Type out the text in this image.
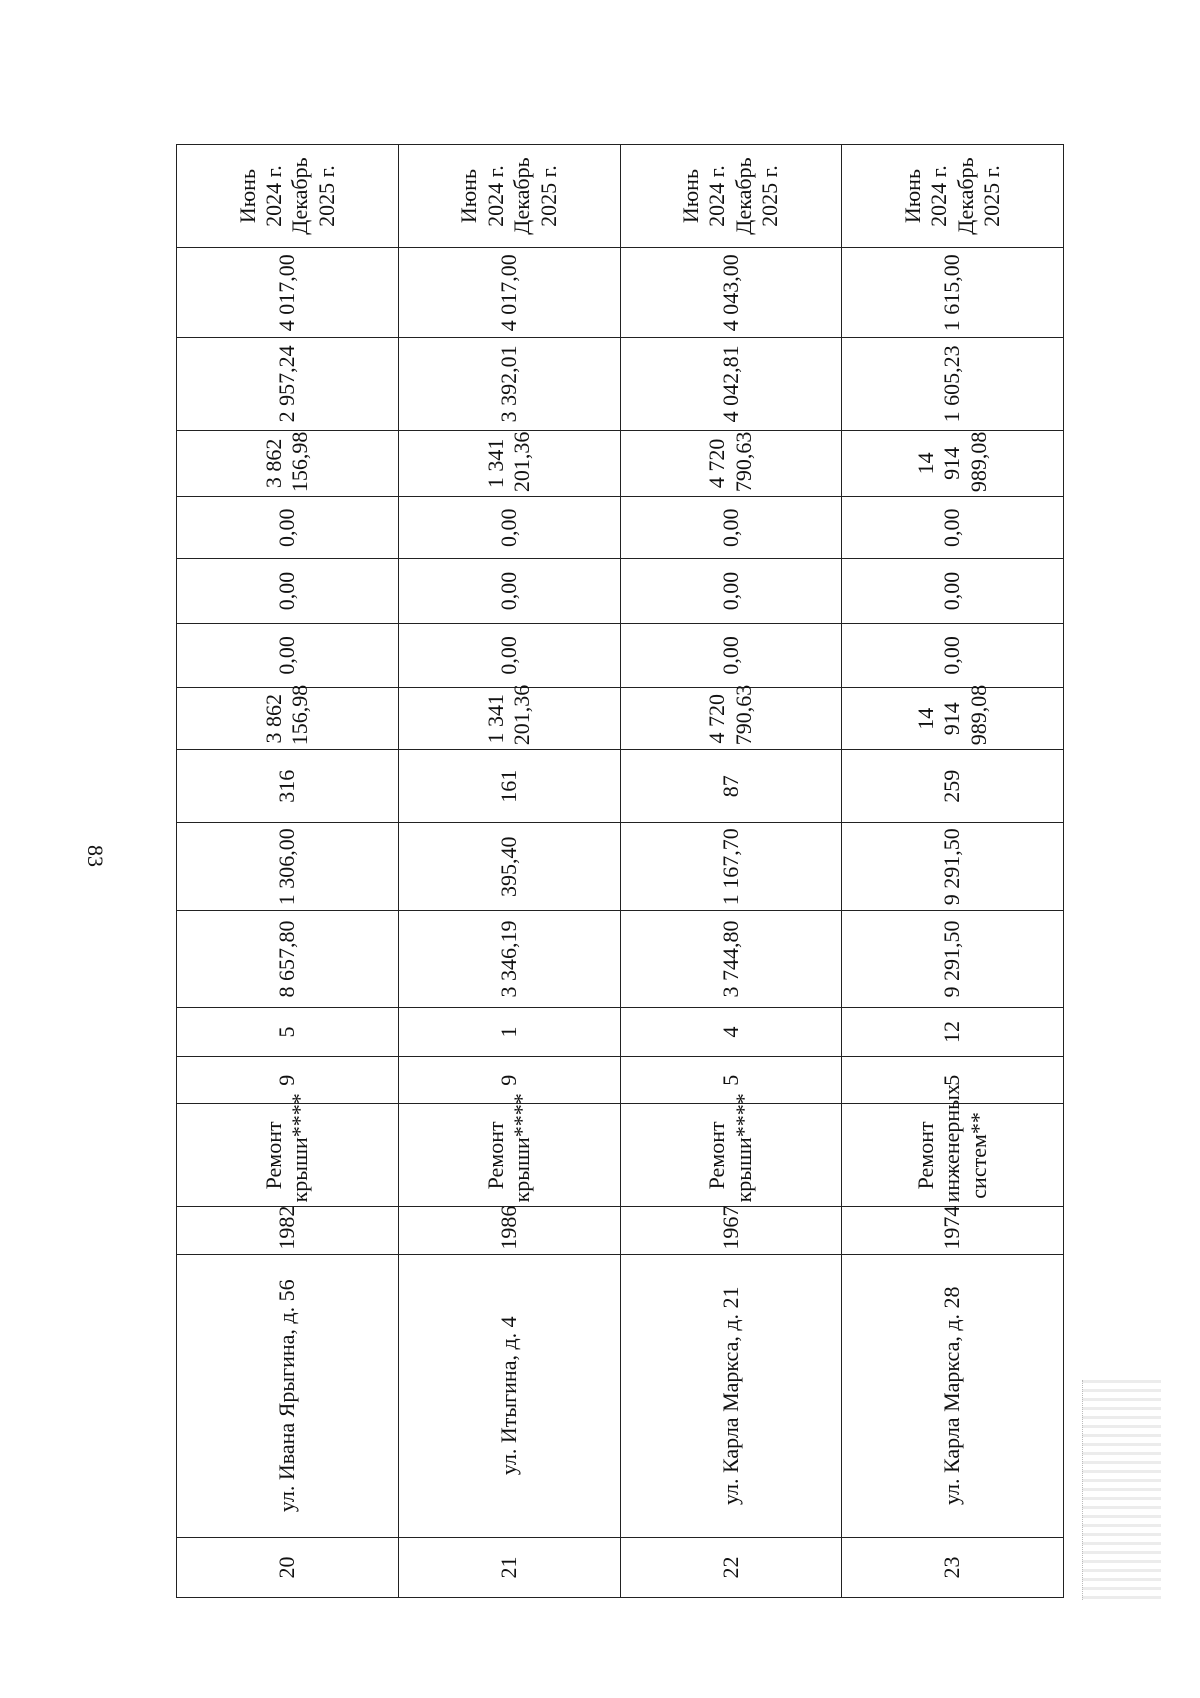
83
20	ул. Ивана Ярыгина, д. 56	1982	Ремонт крыши****	9	5	8 657,80	1 306,00	316	3 862 156,98	0,00	0,00	0,00	3 862 156,98	2 957,24	4 017,00	Июнь 2024 г. Декабрь 2025 г.
21	ул. Итыгина, д. 4	1986	Ремонт крыши****	9	1	3 346,19	395,40	161	1 341 201,36	0,00	0,00	0,00	1 341 201,36	3 392,01	4 017,00	Июнь 2024 г. Декабрь 2025 г.
22	ул. Карла Маркса, д. 21	1967	Ремонт крыши****	5	4	3 744,80	1 167,70	87	4 720 790,63	0,00	0,00	0,00	4 720 790,63	4 042,81	4 043,00	Июнь 2024 г. Декабрь 2025 г.
23	ул. Карла Маркса, д. 28	1974	Ремонт инженерных систем**	5	12	9 291,50	9 291,50	259	14 914 989,08	0,00	0,00	0,00	14 914 989,08	1 605,23	1 615,00	Июнь 2024 г. Декабрь 2025 г.
